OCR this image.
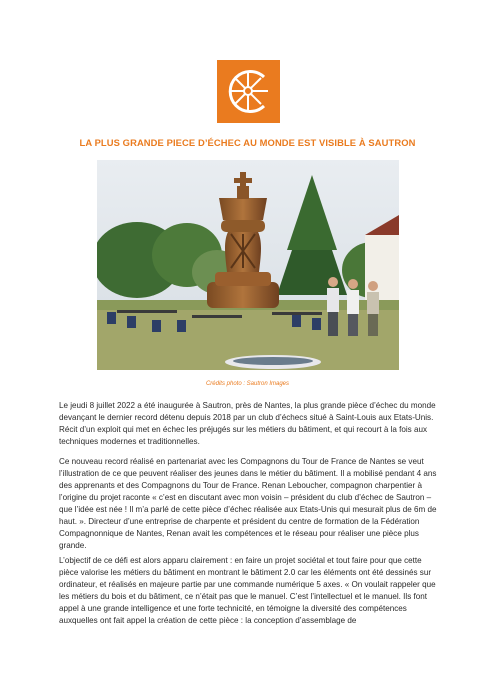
LA PLUS GRANDE PIECE D’ÉCHEC AU MONDE EST VISIBLE À SAUTRON
Crédits photo : Sautron Images

Le jeudi 8 juillet 2022 a été inaugurée à Sautron, près de Nantes, la plus grande pièce d’échec du monde devançant le dernier record détenu depuis 2018 par un club d’échecs situé à Saint-Louis aux Etats-Unis. Récit d’un exploit qui met en échec les préjugés sur les métiers du bâtiment, et qui recourt à la fois aux techniques modernes et traditionnelles.

Ce nouveau record réalisé en partenariat avec les Compagnons du Tour de France de Nantes se veut l’illustration de ce que peuvent réaliser des jeunes dans le métier du bâtiment. Il a mobilisé pendant 4 ans des apprenants et des Compagnons du Tour de France. Renan Leboucher, compagnon charpentier à l’origine du projet raconte « c’est en discutant avec mon voisin – président du club d’échec de Sautron – que l’idée est née ! Il m’a parlé de cette pièce d’échec réalisée aux Etats-Unis qui mesurait plus de 6m de haut. ». Directeur d’une entreprise de charpente et président du centre de formation de la Fédération Compagnonnique de Nantes, Renan avait les compétences et le réseau pour réaliser une pièce plus grande.

L’objectif de ce défi est alors apparu clairement : en faire un projet sociétal et tout faire pour que cette pièce valorise les métiers du bâtiment en montrant le bâtiment 2.0 car les éléments ont été dessinés sur ordinateur, et réalisés en majeure partie par une commande numérique 5 axes. « On voulait rappeler que les métiers du bois et du bâtiment, ce n’était pas que le manuel. C’est l’intellectuel et le manuel. Ils font appel à une grande intelligence et une forte technicité, en témoigne la diversité des compétences auxquelles ont fait appel la création de cette pièce : la conception d’assemblage de
